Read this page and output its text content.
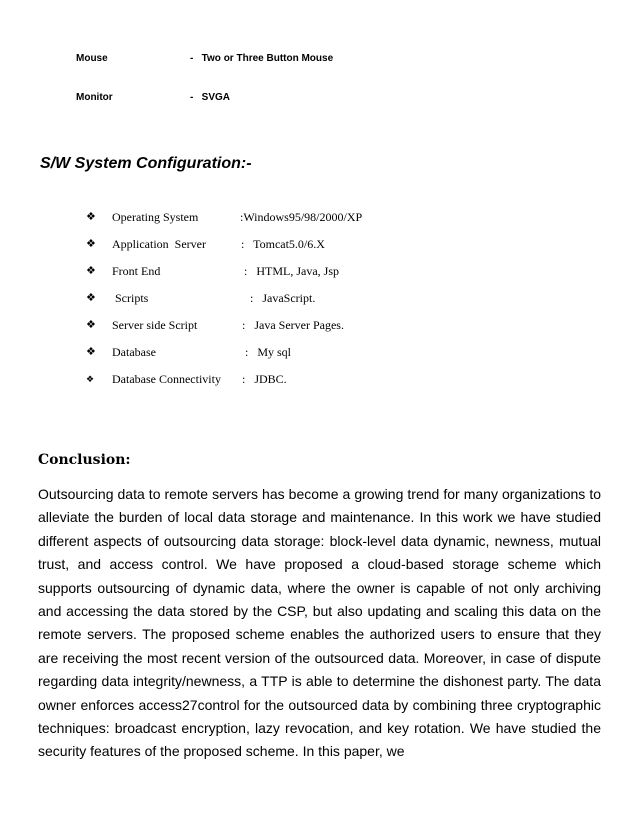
Mouse	-   Two or Three Button Mouse
Monitor	-   SVGA
S/W System Configuration:-
❖ Operating System	:Windows95/98/2000/XP
❖ Application  Server	:   Tomcat5.0/6.X
❖ Front End	:   HTML, Java, Jsp
❖ Scripts	:   JavaScript.
❖ Server side Script	:   Java Server Pages.
❖ Database	:   My sql
❖ Database Connectivity :   JDBC.
Conclusion:

Outsourcing data to remote servers has become a growing trend for many organizations to alleviate the burden of local data storage and maintenance. In this work we have studied different aspects of outsourcing data storage: block-level data dynamic, newness, mutual trust, and access control. We have proposed a cloud-based storage scheme which supports outsourcing of dynamic data, where the owner is capable of not only archiving and accessing the data stored by the CSP, but also updating and scaling this data on the remote servers. The proposed scheme enables the authorized users to ensure that they are receiving the most recent version of the outsourced data. Moreover, in case of dispute regarding data integrity/newness, a TTP is able to determine the dishonest party. The data owner enforces access27control for the outsourced data by combining three cryptographic techniques: broadcast encryption, lazy revocation, and key rotation. We have studied the security features of the proposed scheme. In this paper, we
